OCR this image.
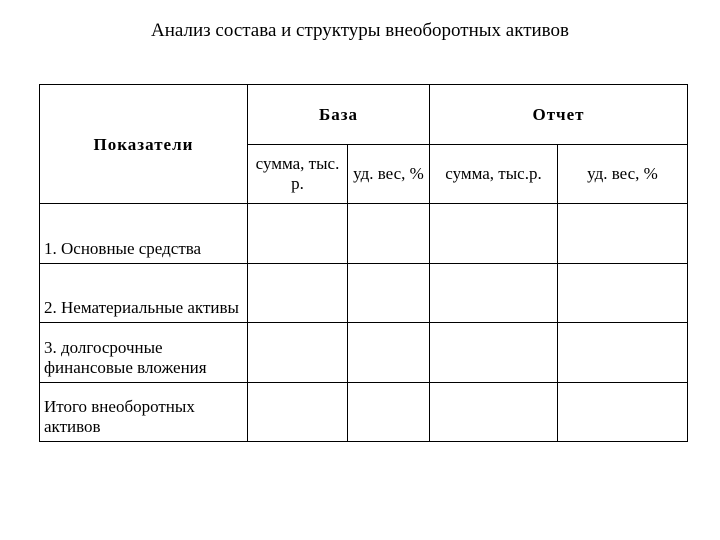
Анализ состава и структуры внеоборотных активов
Показатели	База		Отчет	
	сумма, тыс. р.	уд. вес, %	сумма, тыс.р.	уд. вес, %
1. Основные средства				
2. Нематериальные активы				
3. долгосрочные финансовые вложения				
Итого внеоборотных активов				
